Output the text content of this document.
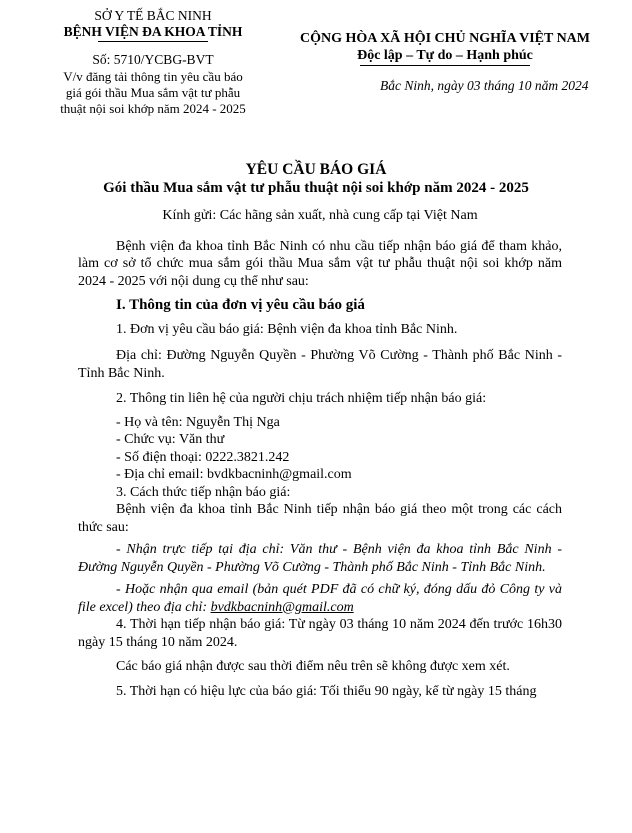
SỞ Y TẾ BẮC NINH
BỆNH VIỆN ĐA KHOA TỈNH
Số: 5710/YCBG-BVT
V/v đăng tải thông tin yêu cầu báo
giá gói thầu Mua sắm vật tư phẫu
thuật nội soi khớp năm 2024 - 2025
CỘNG HÒA XÃ HỘI CHỦ NGHĨA VIỆT NAM
Độc lập – Tự do – Hạnh phúc
Bắc Ninh, ngày 03 tháng 10 năm 2024
YÊU CẦU BÁO GIÁ
Gói thầu Mua sắm vật tư phẫu thuật nội soi khớp năm 2024 - 2025

Kính gửi: Các hãng sản xuất, nhà cung cấp tại Việt Nam

Bệnh viện đa khoa tỉnh Bắc Ninh có nhu cầu tiếp nhận báo giá để tham khảo, làm cơ sở tổ chức mua sắm gói thầu Mua sắm vật tư phẫu thuật nội soi khớp năm 2024 - 2025 với nội dung cụ thể như sau:

I. Thông tin của đơn vị yêu cầu báo giá

1. Đơn vị yêu cầu báo giá: Bệnh viện đa khoa tỉnh Bắc Ninh.

Địa chỉ: Đường Nguyễn Quyền - Phường Võ Cường - Thành phố Bắc Ninh - Tỉnh Bắc Ninh.

2. Thông tin liên hệ của người chịu trách nhiệm tiếp nhận báo giá:

- Họ và tên: Nguyễn Thị Nga

- Chức vụ: Văn thư

- Số điện thoại: 0222.3821.242

- Địa chỉ email: bvdkbacninh@gmail.com

3. Cách thức tiếp nhận báo giá:

Bệnh viện đa khoa tỉnh Bắc Ninh tiếp nhận báo giá theo một trong các cách thức sau:

- Nhận trực tiếp tại địa chỉ: Văn thư - Bệnh viện đa khoa tỉnh Bắc Ninh - Đường Nguyễn Quyền - Phường Võ Cường - Thành phố Bắc Ninh - Tỉnh Bắc Ninh.

- Hoặc nhận qua email (bản quét PDF đã có chữ ký, đóng dấu đỏ Công ty và file excel) theo địa chỉ: bvdkbacninh@gmail.com

4. Thời hạn tiếp nhận báo giá: Từ ngày 03 tháng 10 năm 2024 đến trước 16h30 ngày 15 tháng 10 năm 2024.

Các báo giá nhận được sau thời điểm nêu trên sẽ không được xem xét.

5. Thời hạn có hiệu lực của báo giá: Tối thiểu 90 ngày, kể từ ngày 15 tháng
